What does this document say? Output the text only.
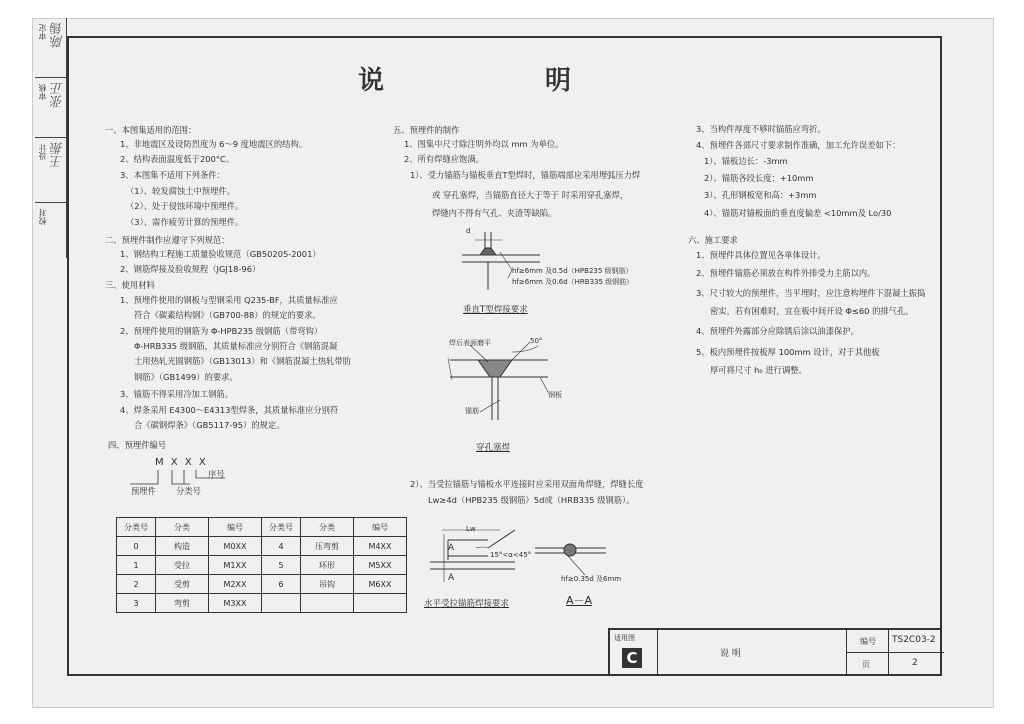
审定 陈锡
审核 张正
设计 王振
校对
说	明
一、本图集适用的范围：
1、非地震区及设防烈度为 6～9 度地震区的结构。
2、结构表面温度低于200°C。
3、本图集不适用下列条件：
（1）、较发腐蚀土中预埋件。
（2）、处于侵蚀环境中预埋件。
（3）、需作疲劳计算的预埋件。
二、预埋件制作应遵守下列规范：
1、钢结构工程施工质量验收规范（GB50205-2001）
2、钢筋焊接及验收规程（JGJ18-96）
三、使用材料
1、预埋件使用的钢板与型钢采用 Q235-BF，其质量标准应
符合《碳素结构钢》（GB700-88）的规定的要求。
2、预埋件使用的钢筋为 Φ-HPB235 级钢筋（带弯钩）
Φ-HRB335 级钢筋，其质量标准应分别符合《钢筋混凝
土用热轧光圆钢筋》（GB13013）和《钢筋混凝土热轧带肋
钢筋》（GB1499）的要求。
3、锚筋不得采用冷加工钢筋。
4、焊条采用 E4300～E4313型焊条，其质量标准应分别符
合《碳钢焊条》（GB5117-95）的规定。
四、预埋件编号
M X X X
序号
预埋件 分类号
分类号	分类	编号	分类号	分类	编号
0	构造	M0XX	4	压弯剪	M4XX
1	受拉	M1XX	5	环形	M5XX
2	受剪	M2XX	6	吊钩	M6XX
3	弯剪	M3XX			
五、预埋件的制作
1、图集中尺寸除注明外均以 mm 为单位。
2、所有焊缝应饱满。
1）、受力锚筋与锚板垂直T型焊时，锚筋端部应采用埋弧压力焊
或 穿孔塞焊，当锚筋直径大于等于 时采用穿孔塞焊，
焊缝内不得有气孔、夹渣等缺陷。
d
hf≥6mm 及0.5d（HPB235 级钢筋）
hf≥6mm 及0.6d（HRB335 级钢筋）
垂直T型焊接要求
焊后表面磨平	50°
锚筋
钢板
穿孔塞焊
2）、当受拉锚筋与锚板水平连接时应采用双面角焊缝，焊缝长度
Lw≥4d（HPB235 级钢筋）5d或（HRB335 级钢筋）。
Lw
A
A
15°<α<45°
水平受拉锚筋焊接要求
hf≥0.35d 及6mm
A－A
3、当构件厚度不够时锚筋应弯折。
4、预埋件各部尺寸要求制作准确，加工允许误差如下：
1）、锚板边长：-3mm
2）、锚筋各段长度：+10mm
3）、孔形钢板宽和高：+3mm
4）、锚筋对锚板面的垂直度偏差 <10mm及 Lo/30
六、施工要求
1、预埋件具体位置见各单体设计。
2、预埋件锚筋必须放在构件外排受力主筋以内。
3、尺寸较大的预埋件，当平埋时，应注意构埋件下混凝土振捣
密实，若有困难时，宜在板中间开设 Φ≤60 的排气孔。
4、预埋件外露部分应除锈后涂以油漆保护。
5、板内预埋件按板厚 100mm 设计，对于其他板
厚可将尺寸 h₀ 进行调整。
适用图
C	说 明
编号 TS2C03-2
页	2
